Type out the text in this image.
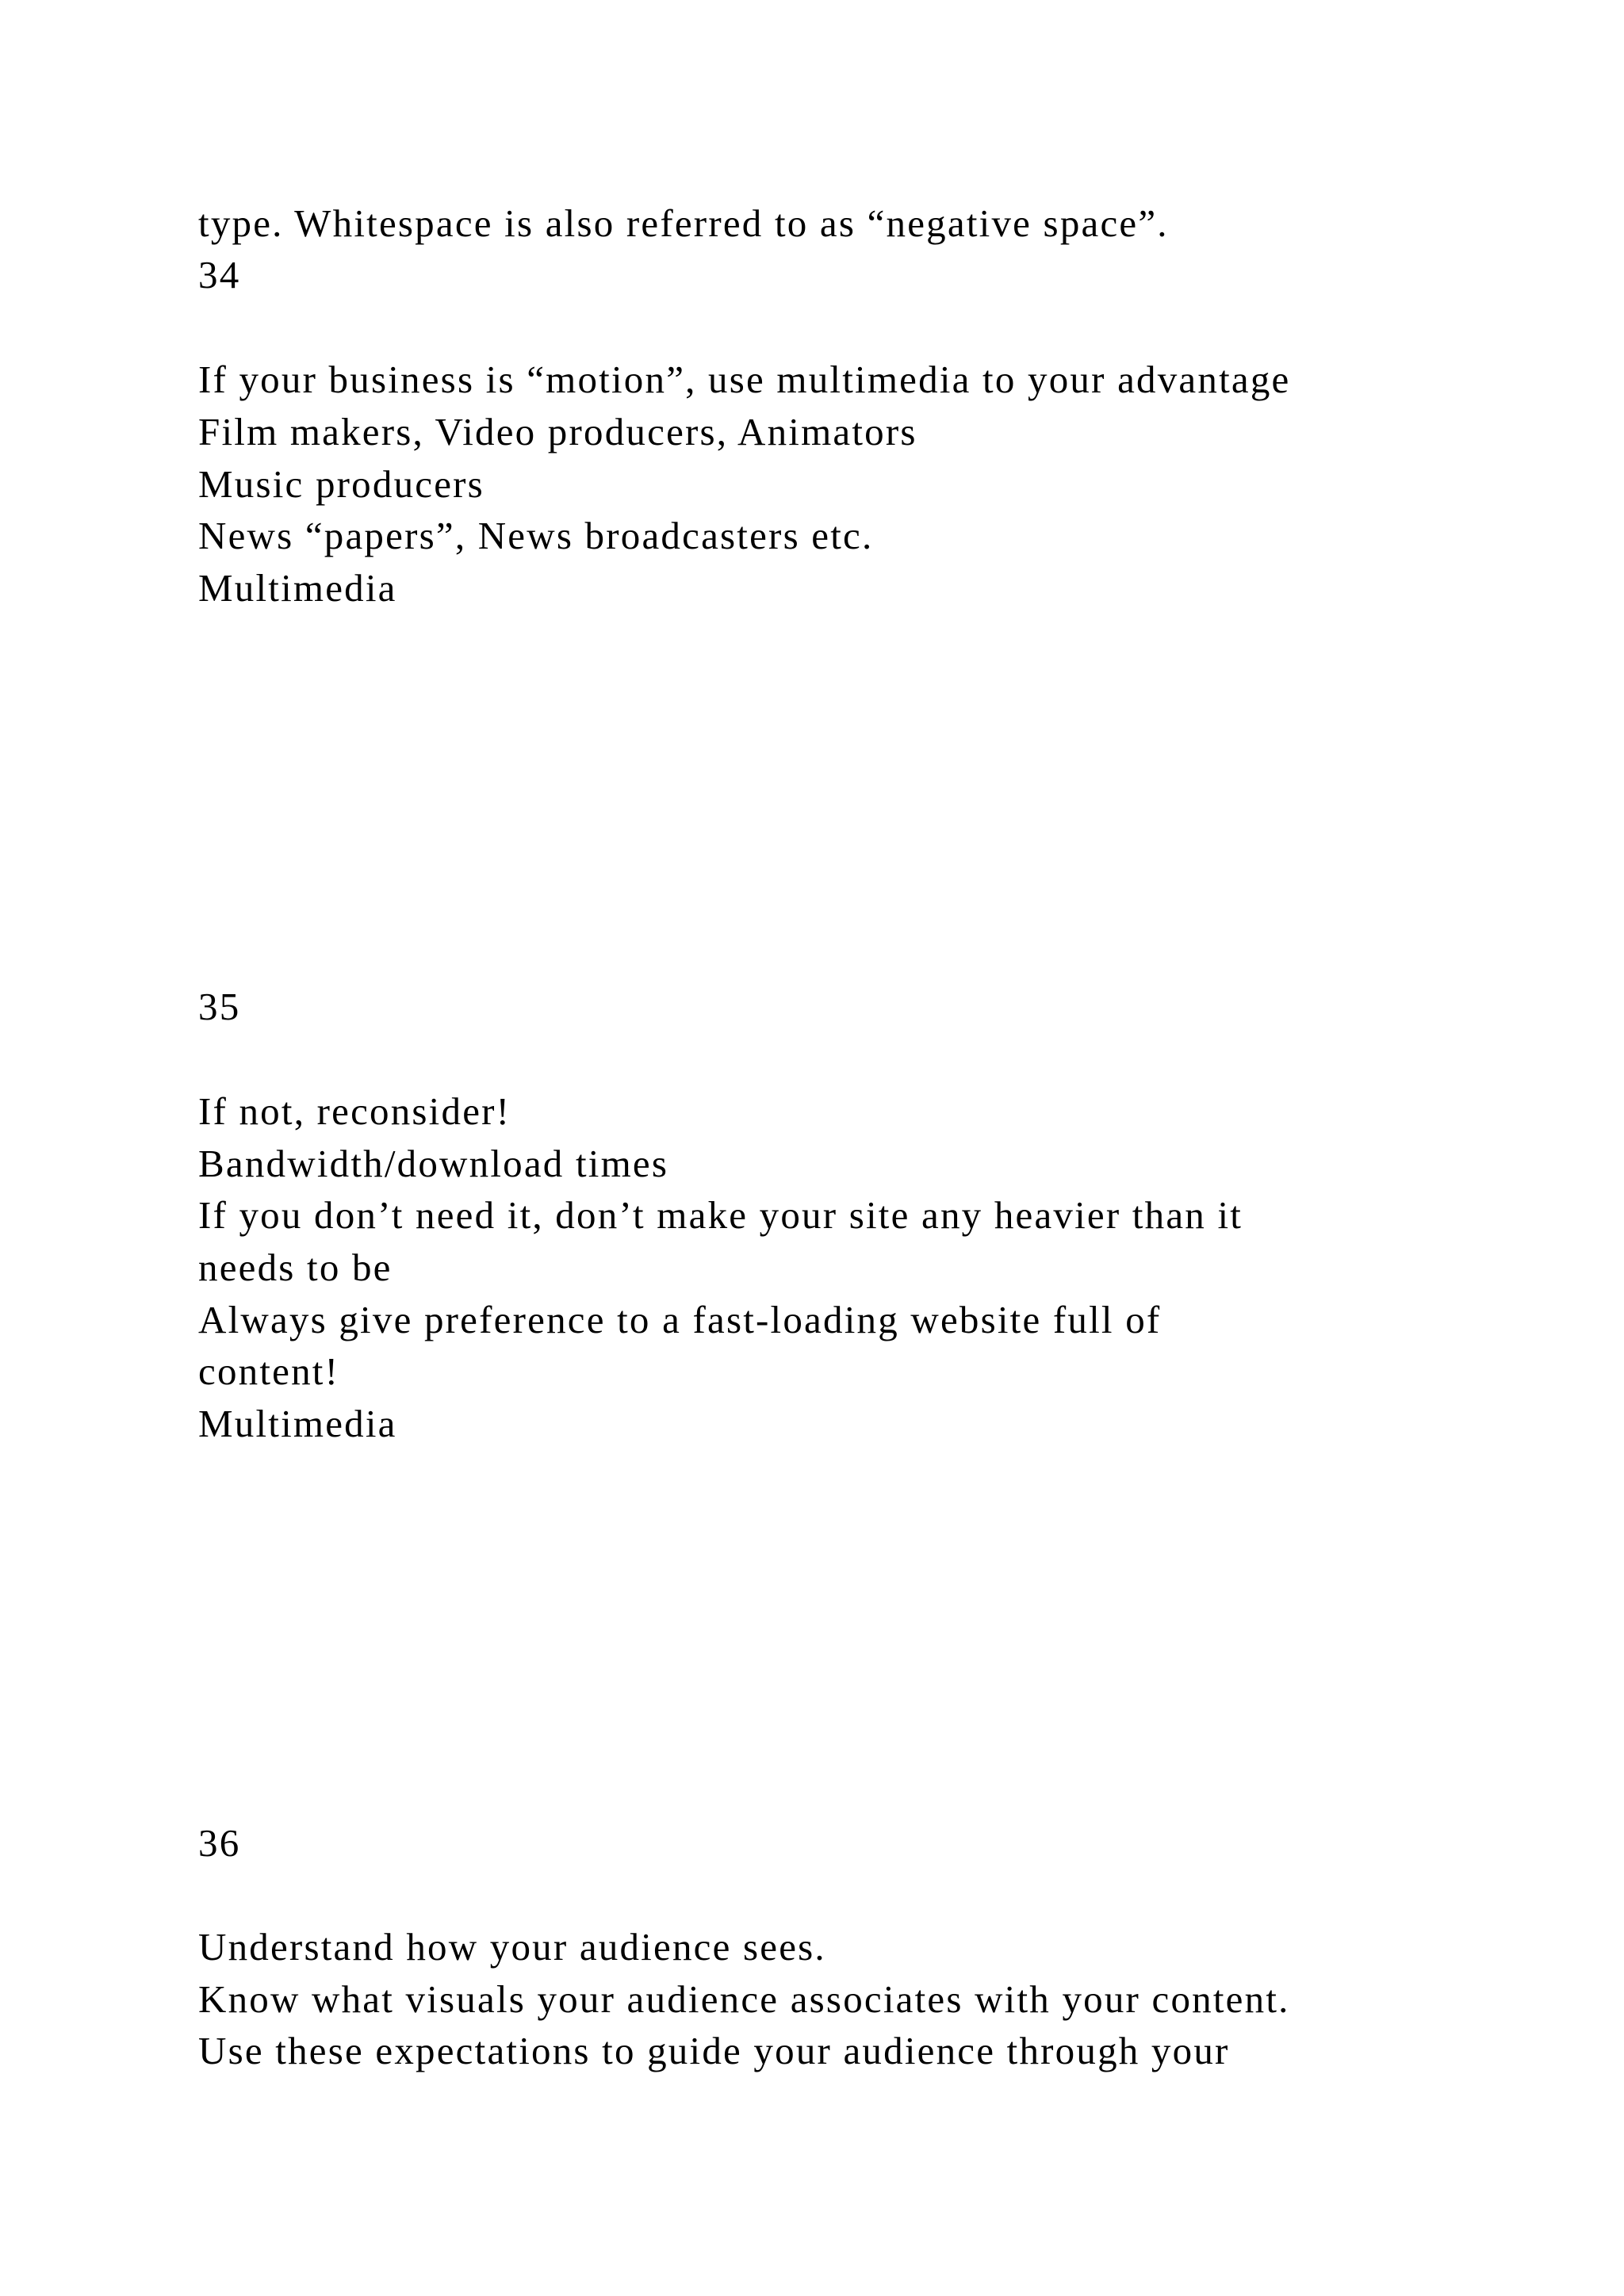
type. Whitespace is also referred to as “negative space”.

34

If your business is “motion”, use multimedia to your advantage

Film makers, Video producers, Animators

Music producers

News “papers”, News broadcasters etc.

Multimedia

35

If not, reconsider!

Bandwidth/download times

If you don’t need it, don’t make your site any heavier than it

needs to be

Always give preference to a fast-loading website full of

content!

Multimedia

36

Understand how your audience sees.

Know what visuals your audience associates with your content.

Use these expectations to guide your audience through your
